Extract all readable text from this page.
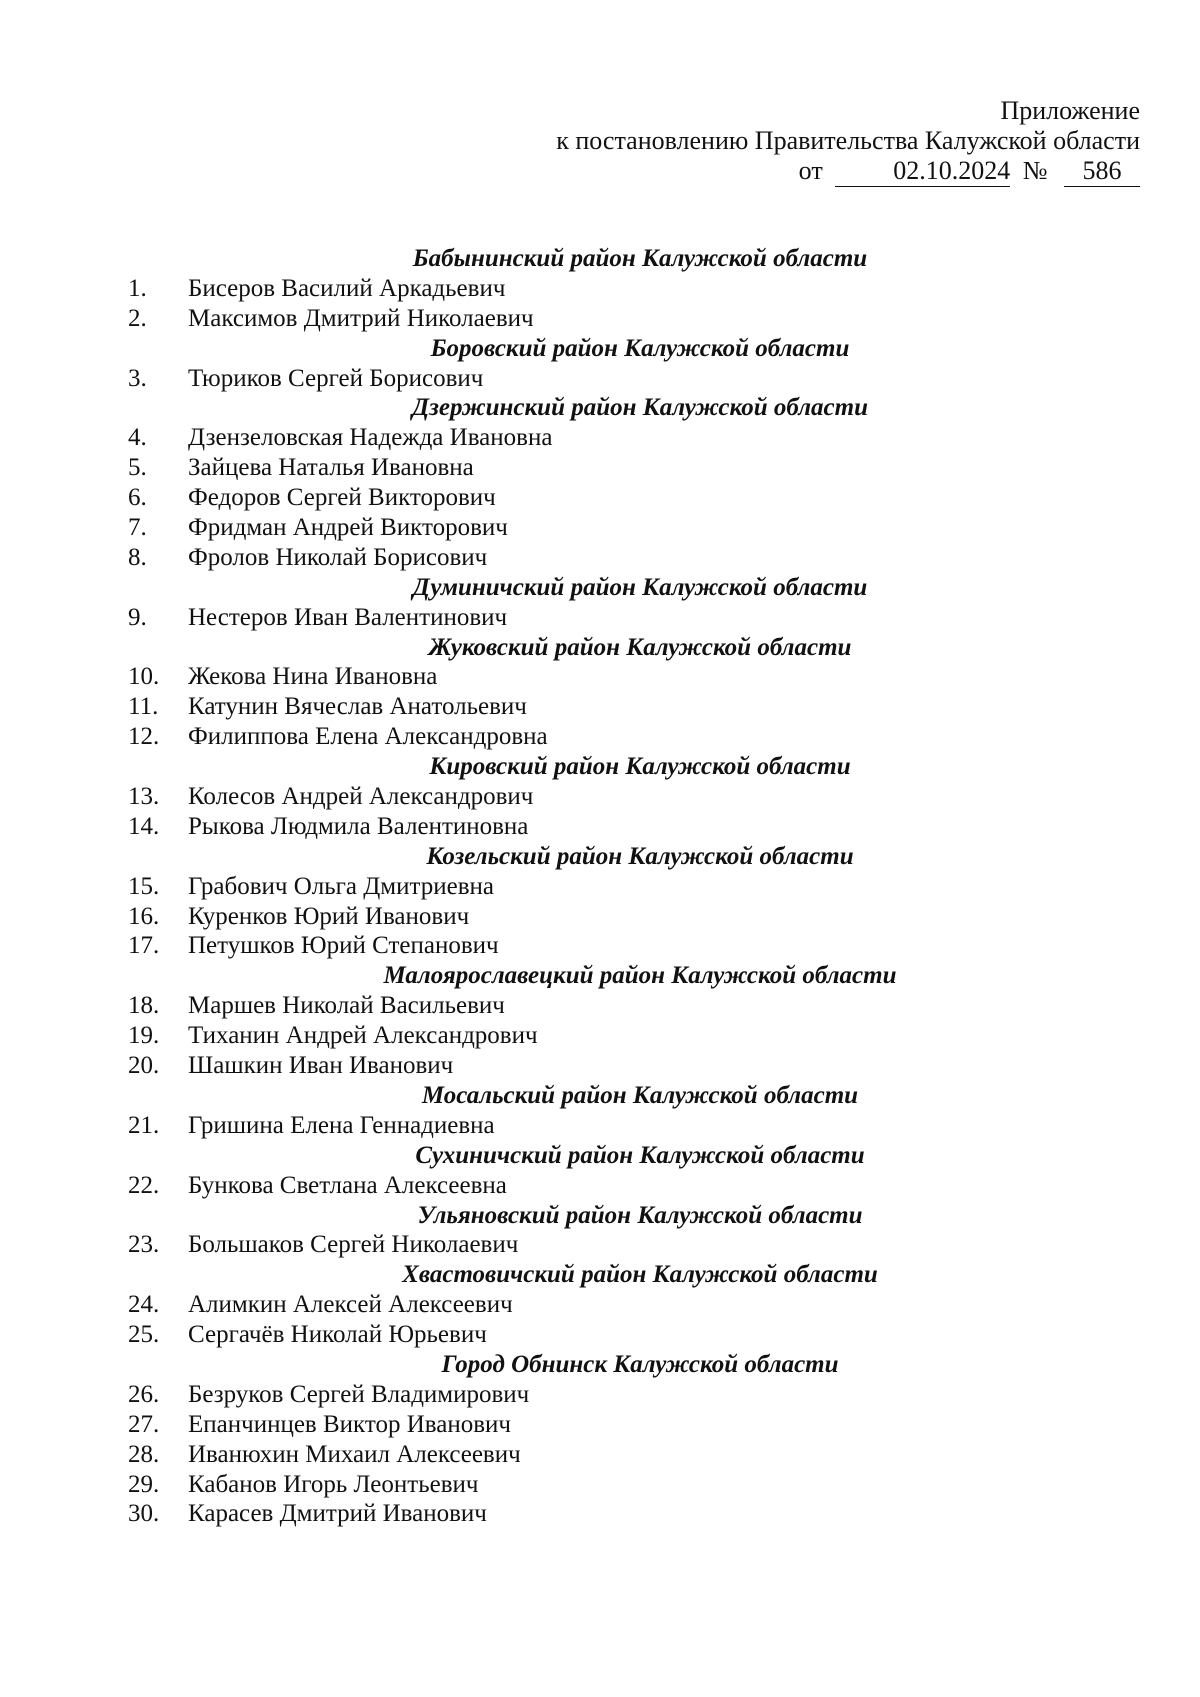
Приложение
к постановлению Правительства Калужской области
от	02.10.2024 № 586
Бабынинский район Калужской области
1.	Бисеров Василий Аркадьевич
2.	Максимов Дмитрий Николаевич
Боровский район Калужской области
3.	Тюриков Сергей Борисович
Дзержинский район Калужской области
4.	Дзензеловская Надежда Ивановна
5.	Зайцева Наталья Ивановна
6.	Федоров Сергей Викторович
7.	Фридман Андрей Викторович
8.	Фролов Николай Борисович
Думиничский район Калужской области
9.	Нестеров Иван Валентинович
Жуковский район Калужской области
10.	Жекова Нина Ивановна
11.	Катунин Вячеслав Анатольевич
12.	Филиппова Елена Александровна
Кировский район Калужской области
13.	Колесов Андрей Александрович
14.	Рыкова Людмила Валентиновна
Козельский район Калужской области
15.	Грабович Ольга Дмитриевна
16.	Куренков Юрий Иванович
17.	Петушков Юрий Степанович
Малоярославецкий район Калужской области
18.	Маршев Николай Васильевич
19.	Тиханин Андрей Александрович
20.	Шашкин Иван Иванович
Мосальский район Калужской области
21.	Гришина Елена Геннадиевна
Сухиничский район Калужской области
22.	Бункова Светлана Алексеевна
Ульяновский район Калужской области
23.	Большаков Сергей Николаевич
Хвастовичский район Калужской области
24.	Алимкин Алексей Алексеевич
25.	Сергачёв Николай Юрьевич
Город Обнинск Калужской области
26.	Безруков Сергей Владимирович
27.	Епанчинцев Виктор Иванович
28.	Иванюхин Михаил Алексеевич
29.	Кабанов Игорь Леонтьевич
30.	Карасев Дмитрий Иванович
